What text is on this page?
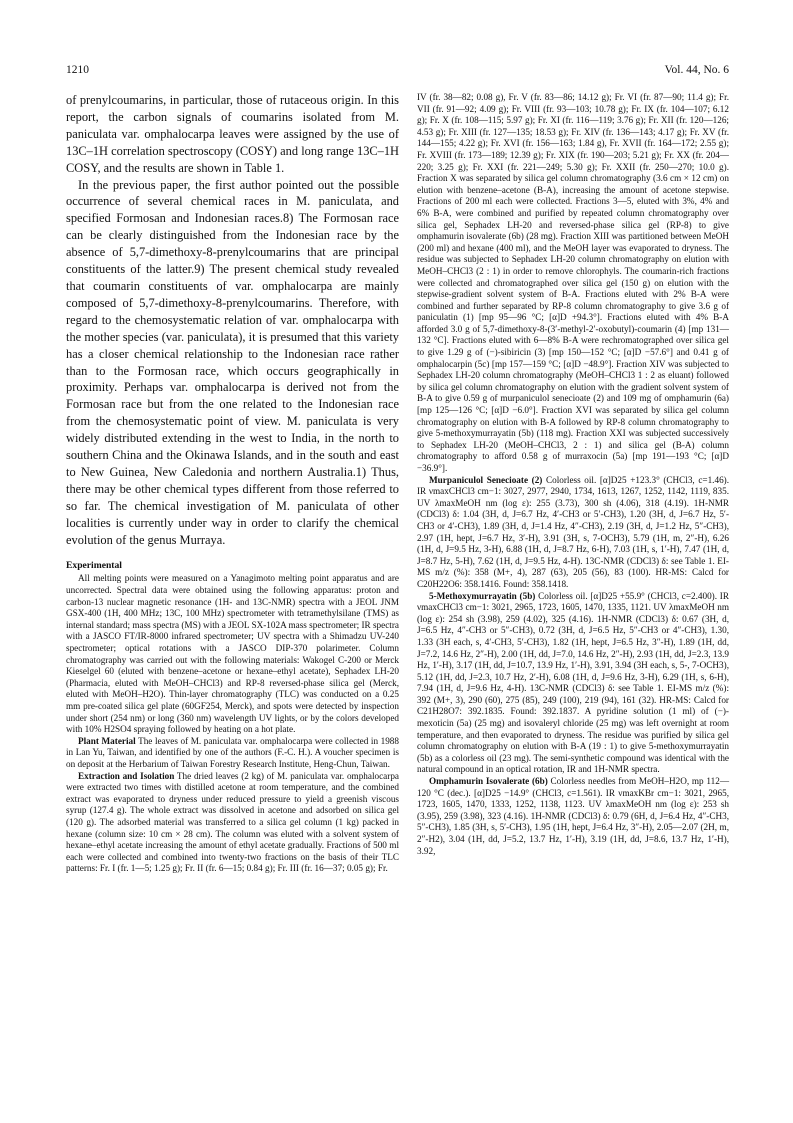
1210	Vol. 44, No. 6

of prenylcoumarins, in particular, those of rutaceous origin. In this report, the carbon signals of coumarins isolated from M. paniculata var. omphalocarpa leaves were assigned by the use of 13C–1H correlation spectroscopy (COSY) and long range 13C–1H COSY, and the results are shown in Table 1.

In the previous paper, the first author pointed out the possible occurrence of several chemical races in M. paniculata, and specified Formosan and Indonesian races.8) The Formosan race can be clearly distinguished from the Indonesian race by the absence of 5,7-dimethoxy-8-prenylcoumarins that are principal constituents of the latter.9) The present chemical study revealed that coumarin constituents of var. omphalocarpa are mainly composed of 5,7-dimethoxy-8-prenylcoumarins. Therefore, with regard to the chemosystematic relation of var. omphalocarpa with the mother species (var. paniculata), it is presumed that this variety has a closer chemical relationship to the Indonesian race rather than to the Formosan race, which occurs geographically in proximity. Perhaps var. omphalocarpa is derived not from the Formosan race but from the one related to the Indonesian race from the chemosystematic point of view. M. paniculata is very widely distributed extending in the west to India, in the north to southern China and the Okinawa Islands, and in the south and east to New Guinea, New Caledonia and northern Australia.1) Thus, there may be other chemical types different from those referred to so far. The chemical investigation of M. paniculata of other localities is currently under way in order to clarify the chemical evolution of the genus Murraya.

Experimental

All melting points were measured on a Yanagimoto melting point apparatus and are uncorrected. Spectral data were obtained using the following apparatus: proton and carbon-13 nuclear magnetic resonance (1H- and 13C-NMR) spectra with a JEOL JNM GSX-400 (1H, 400 MHz; 13C, 100 MHz) spectrometer with tetramethylsilane (TMS) as internal standard; mass spectra (MS) with a JEOL SX-102A mass spectrometer; IR spectra with a JASCO FT/IR-8000 infrared spectrometer; UV spectra with a Shimadzu UV-240 spectrometer; optical rotations with a JASCO DIP-370 polarimeter. Column chromatography was carried out with the following materials: Wakogel C-200 or Merck Kieselgel 60 (eluted with benzene–acetone or hexane–ethyl acetate), Sephadex LH-20 (Pharmacia, eluted with MeOH–CHCl3) and RP-8 reversed-phase silica gel (Merck, eluted with MeOH–H2O). Thin-layer chromatography (TLC) was conducted on a 0.25 mm pre-coated silica gel plate (60GF254, Merck), and spots were detected by inspection under short (254 nm) or long (360 nm) wavelength UV lights, or by the colors developed with 10% H2SO4 spraying followed by heating on a hot plate.

Plant Material The leaves of M. paniculata var. omphalocarpa were collected in 1988 in Lan Yu, Taiwan, and identified by one of the authors (F.-C. H.). A voucher specimen is on deposit at the Herbarium of Taiwan Forestry Research Institute, Heng-Chun, Taiwan.

Extraction and Isolation The dried leaves (2 kg) of M. paniculata var. omphalocarpa were extracted two times with distilled acetone at room temperature, and the combined extract was evaporated to dryness under reduced pressure to yield a greenish viscous syrup (127.4 g). The whole extract was dissolved in acetone and adsorbed on silica gel (120 g). The adsorbed material was transferred to a silica gel column (1 kg) packed in hexane (column size: 10 cm × 28 cm). The column was eluted with a solvent system of hexane–ethyl acetate increasing the amount of ethyl acetate gradually. Fractions of 500 ml each were collected and combined into twenty-two fractions on the basis of their TLC patterns: Fr. I (fr. 1—5; 1.25 g); Fr. II (fr. 6—15; 0.84 g); Fr. III (fr. 16—37; 0.05 g); Fr.

IV (fr. 38—82; 0.08 g), Fr. V (fr. 83—86; 14.12 g); Fr. VI (fr. 87—90; 11.4 g); Fr. VII (fr. 91—92; 4.09 g); Fr. VIII (fr. 93—103; 10.78 g); Fr. IX (fr. 104—107; 6.12 g); Fr. X (fr. 108—115; 5.97 g); Fr. XI (fr. 116—119; 3.76 g); Fr. XII (fr. 120—126; 4.53 g); Fr. XIII (fr. 127—135; 18.53 g); Fr. XIV (fr. 136—143; 4.17 g); Fr. XV (fr. 144—155; 4.22 g); Fr. XVI (fr. 156—163; 1.84 g), Fr. XVII (fr. 164—172; 2.55 g); Fr. XVIII (fr. 173—189; 12.39 g); Fr. XIX (fr. 190—203; 5.21 g); Fr. XX (fr. 204—220; 3.25 g); Fr. XXI (fr. 221—249; 5.30 g); Fr. XXII (fr. 250—270; 10.0 g). Fraction X was separated by silica gel column chromatography (3.6 cm × 12 cm) on elution with benzene–acetone (B-A), increasing the amount of acetone stepwise. Fractions of 200 ml each were collected. Fractions 3—5, eluted with 3%, 4% and 6% B-A, were combined and purified by repeated column chromatography over silica gel, Sephadex LH-20 and reversed-phase silica gel (RP-8) to give omphamurin isovalerate (6b) (28 mg). Fraction XIII was partitioned between MeOH (200 ml) and hexane (400 ml), and the MeOH layer was evaporated to dryness. The residue was subjected to Sephadex LH-20 column chromatography on elution with MeOH–CHCl3 (2 : 1) in order to remove chlorophyls. The coumarin-rich fractions were collected and chromatographed over silica gel (150 g) on elution with the stepwise-gradient solvent system of B-A. Fractions eluted with 2% B-A were combined and further separated by RP-8 column chromatography to give 3.6 g of paniculatin (1) [mp 95—96 °C; [α]D +94.3°]. Fractions eluted with 4% B-A afforded 3.0 g of 5,7-dimethoxy-8-(3′-methyl-2′-oxobutyl)-coumarin (4) [mp 131—132 °C]. Fractions eluted with 6—8% B-A were rechromatographed over silica gel to give 1.29 g of (−)-sibiricin (3) [mp 150—152 °C; [α]D −57.6°] and 0.41 g of omphalocarpin (5c) [mp 157—159 °C; [α]D −48.9°]. Fraction XIV was subjected to Sephadex LH-20 column chromatography (MeOH–CHCl3 1 : 2 as eluant) followed by silica gel column chromatography on elution with the gradient solvent system of B-A to give 0.59 g of murpaniculol senecioate (2) and 109 mg of omphamurin (6a) [mp 125—126 °C; [α]D −6.0°]. Fraction XVI was separated by silica gel column chromatography on elution with B-A followed by RP-8 column chromatography to give 5-methoxymurrayatin (5b) (118 mg). Fraction XXI was subjected successively to Sephadex LH-20 (MeOH–CHCl3, 2 : 1) and silica gel (B-A) column chromatography to afford 0.58 g of murraxocin (5a) [mp 191—193 °C; [α]D −36.9°].

Murpaniculol Senecioate (2) Colorless oil. [α]D25 +123.3° (CHCl3, c=1.46). IR νmaxCHCl3 cm−1: 3027, 2977, 2940, 1734, 1613, 1267, 1252, 1142, 1119, 835. UV λmaxMeOH nm (log ε): 255 (3.73), 300 sh (4.06), 318 (4.19). 1H-NMR (CDCl3) δ: 1.04 (3H, d, J=6.7 Hz, 4′-CH3 or 5′-CH3), 1.20 (3H, d, J=6.7 Hz, 5′-CH3 or 4′-CH3), 1.89 (3H, d, J=1.4 Hz, 4″-CH3), 2.19 (3H, d, J=1.2 Hz, 5″-CH3), 2.97 (1H, hept, J=6.7 Hz, 3′-H), 3.91 (3H, s, 7-OCH3), 5.79 (1H, m, 2″-H), 6.26 (1H, d, J=9.5 Hz, 3-H), 6.88 (1H, d, J=8.7 Hz, 6-H), 7.03 (1H, s, 1′-H), 7.47 (1H, d, J=8.7 Hz, 5-H), 7.62 (1H, d, J=9.5 Hz, 4-H). 13C-NMR (CDCl3) δ: see Table 1. EI-MS m/z (%): 358 (M+, 4), 287 (63), 205 (56), 83 (100). HR-MS: Calcd for C20H22O6: 358.1416. Found: 358.1418.

5-Methoxymurrayatin (5b) Colorless oil. [α]D25 +55.9° (CHCl3, c=2.400). IR νmaxCHCl3 cm−1: 3021, 2965, 1723, 1605, 1470, 1335, 1121. UV λmaxMeOH nm (log ε): 254 sh (3.98), 259 (4.02), 325 (4.16). 1H-NMR (CDCl3) δ: 0.67 (3H, d, J=6.5 Hz, 4″-CH3 or 5″-CH3), 0.72 (3H, d, J=6.5 Hz, 5″-CH3 or 4″-CH3), 1.30, 1.33 (3H each, s, 4′-CH3, 5′-CH3), 1.82 (1H, hept, J=6.5 Hz, 3″-H), 1.89 (1H, dd, J=7.2, 14.6 Hz, 2″-H), 2.00 (1H, dd, J=7.0, 14.6 Hz, 2″-H), 2.93 (1H, dd, J=2.3, 13.9 Hz, 1′-H), 3.17 (1H, dd, J=10.7, 13.9 Hz, 1′-H), 3.91, 3.94 (3H each, s, 5-, 7-OCH3), 5.12 (1H, dd, J=2.3, 10.7 Hz, 2′-H), 6.08 (1H, d, J=9.6 Hz, 3-H), 6.29 (1H, s, 6-H), 7.94 (1H, d, J=9.6 Hz, 4-H). 13C-NMR (CDCl3) δ: see Table 1. EI-MS m/z (%): 392 (M+, 3), 290 (60), 275 (85), 249 (100), 219 (94), 161 (32). HR-MS: Calcd for C21H28O7: 392.1835. Found: 392.1837. A pyridine solution (1 ml) of (−)-mexoticin (5a) (25 mg) and isovaleryl chloride (25 mg) was left overnight at room temperature, and then evaporated to dryness. The residue was purified by silica gel column chromatography on elution with B-A (19 : 1) to give 5-methoxymurrayatin (5b) as a colorless oil (23 mg). The semi-synthetic compound was identical with the natural compound in an optical rotation, IR and 1H-NMR spectra.

Omphamurin Isovalerate (6b) Colorless needles from MeOH–H2O, mp 112—120 °C (dec.). [α]D25 −14.9° (CHCl3, c=1.561). IR νmaxKBr cm−1: 3021, 2965, 1723, 1605, 1470, 1333, 1252, 1138, 1123. UV λmaxMeOH nm (log ε): 253 sh (3.95), 259 (3.98), 323 (4.16). 1H-NMR (CDCl3) δ: 0.79 (6H, d, J=6.4 Hz, 4″-CH3, 5″-CH3), 1.85 (3H, s, 5′-CH3), 1.95 (1H, hept, J=6.4 Hz, 3″-H), 2.05—2.07 (2H, m, 2″-H2), 3.04 (1H, dd, J=5.2, 13.7 Hz, 1′-H), 3.19 (1H, dd, J=8.6, 13.7 Hz, 1′-H), 3.92,
